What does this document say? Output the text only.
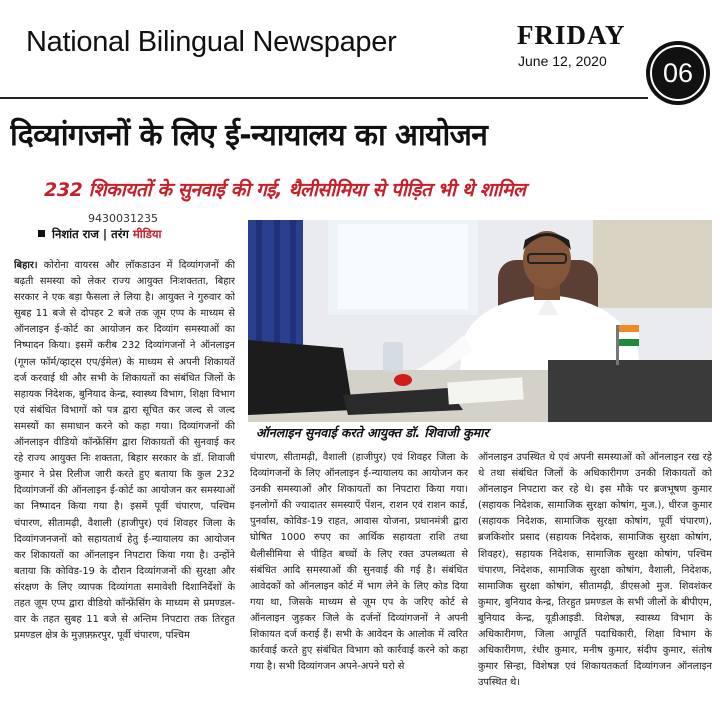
National Bilingual Newspaper	FRIDAY
June 12, 2020	06
दिव्यांगजनों के लिए ई-न्यायालय का आयोजन
232 शिकायतों के सुनवाई की गई, थैलीसीमिया से पीड़ित भी थे शामिल
9430031235
निशांत राज | तरंग मीडिया
ऑनलाइन सुनवाई करते आयुक्त डॉ. शिवाजी कुमार
बिहार। कोरोना वायरस और लॉकडाउन में दिव्यांगजनों की बढ़ती समस्या को लेकर राज्य आयुक्त निःशक्तता, बिहार सरकार ने एक बड़ा फैसला ले लिया है। आयुक्त ने गुरुवार को सुबह 11 बजे से दोपहर 2 बजे तक ज़ूम एप्प के माध्यम से ऑनलाइन ई-कोर्ट का आयोजन कर दिव्यांग समस्याओं का निष्पादन किया। इसमें करीब 232 दिव्यांगजनों ने ऑनलाइन (गूगल फॉर्म/व्हाट्स एप/ईमेल) के माध्यम से अपनी शिकायतें दर्ज करवाई थी और सभी के शिकायतों का संबंधित जिलों के सहायक निदेशक, बुनियाद केन्द्र, स्वास्थ्य विभाग, शिक्षा विभाग एवं संबंधित विभागों को पत्र द्वारा सूचित कर जल्द से जल्द समस्यों का समाधान करने को कहा गया। दिव्यांगजनों की ऑनलाइन वीडियो कॉन्फ्रेंसिंग द्वारा शिकायतों की सुनवाई कर रहे राज्य आयुक्त निः शक्तता, बिहार सरकार के डॉ. शिवाजी कुमार ने प्रेस रिलीज जारी करते हुए बताया कि कुल 232 दिव्यांगजनों की ऑनलाइन ई-कोर्ट का आयोजन कर समस्याओं का निष्पादन किया गया है। इसमें पूर्वी चंपारण, पश्चिम चंपारण, सीतामढ़ी, वैशाली (हाजीपुर) एवं शिवहर जिला के दिव्यांगजनजनों को सहायतार्थ हेतु ई-न्यायालय का आयोजन कर शिकायतों का ऑनलाइन निपटारा किया गया है। उन्होंने बताया कि कोविड-19 के दौरान दिव्यांगजनों की सुरक्षा और संरक्षण के लिए व्यापक दिव्यांगता समावेशी दिशानिर्देशों के तहत ज़ूम एप्प द्वारा वीडियो कॉन्फ्रेंसिंग के माध्यम से प्रमण्डल-वार के तहत सुबह 11 बजे से अन्तिम निपटारा तक तिरहुत प्रमण्डल क्षेत्र के मुज़फ़्फ़रपुर, पूर्वी चंपारण, पश्चिम
चंपारण, सीतामढ़ी, वैशाली (हाजीपुर) एवं शिवहर जिला के दिव्यांगजनों के लिए ऑनलाइन ई-न्यायालय का आयोजन कर उनकी समस्याओं और शिकायतों का निपटारा किया गया। इनलोगों की ज्यादातर समस्याएँ पेंशन, राशन एवं राशन कार्ड, पुनर्वास, कोविड-19 राहत, आवास योजना, प्रधानमंत्री द्वारा घोषित 1000 रुपए का आर्थिक सहायता राशि तथा थैलीसीमिया से पीड़ित बच्चों के लिए रक्त उपलब्धता से संबंधित आदि समस्याओं की सुनवाई की गई है। संबंधित आवेदकों को ऑनलाइन कोर्ट में भाग लेने के लिए कोड दिया गया था, जिसके माध्यम से ज़ूम एप के जरिए कोर्ट से ऑनलाइन जुड़कर जिले के दर्जनों दिव्यांगजनों ने अपनी शिकायत दर्ज कराई हैं। सभी के आवेदन के आलोक में त्वरित कार्रवाई करते हुए संबंधित विभाग को कार्रवाई करने को कहा गया है। सभी दिव्यांगजन अपने-अपने घरो से
ऑनलाइन उपस्थित थे एवं अपनी समस्याओं को ऑनलाइन रख रहे थे तथा संबंधित जिलों के अधिकारीगण उनकी शिकायतों को ऑनलाइन निपटारा कर रहे थे। इस मौके पर ब्रजभूषण कुमार (सहायक निदेशक, सामाजिक सुरक्षा कोषांग, मुज.), धीरज कुमार (सहायक निदेशक, सामाजिक सुरक्षा कोषांग, पूर्वी चंपारण), ब्रजकिशोर प्रसाद (सहायक निदेशक, सामाजिक सुरक्षा कोषांग, शिवहर), सहायक निदेशक, सामाजिक सुरक्षा कोषांग, पश्चिम चंपारण, निदेशक, सामाजिक सुरक्षा कोषांग, वैशाली, निदेशक, सामाजिक सुरक्षा कोषांग, सीतामढ़ी, डीएसओ मुज. शिवशंकर कुमार, बुनियाद केन्द्र, तिरहुत प्रमण्डल के सभी जीलों के बीपीएम, बुनियाद केन्द्र, यूडीआइडी. विशेषज्ञ, स्वास्थ्य विभाग के अधिकारीगण, जिला आपूर्ति पदाधिकारी, शिक्षा विभाग के अधिकारीगण, रंधीर कुमार, मनीष कुमार, संदीप कुमार, संतोष कुमार सिन्हा, विशेषज्ञ एवं शिकायतकर्ता दिव्यांगजन ऑनलाइन उपस्थित थे।
